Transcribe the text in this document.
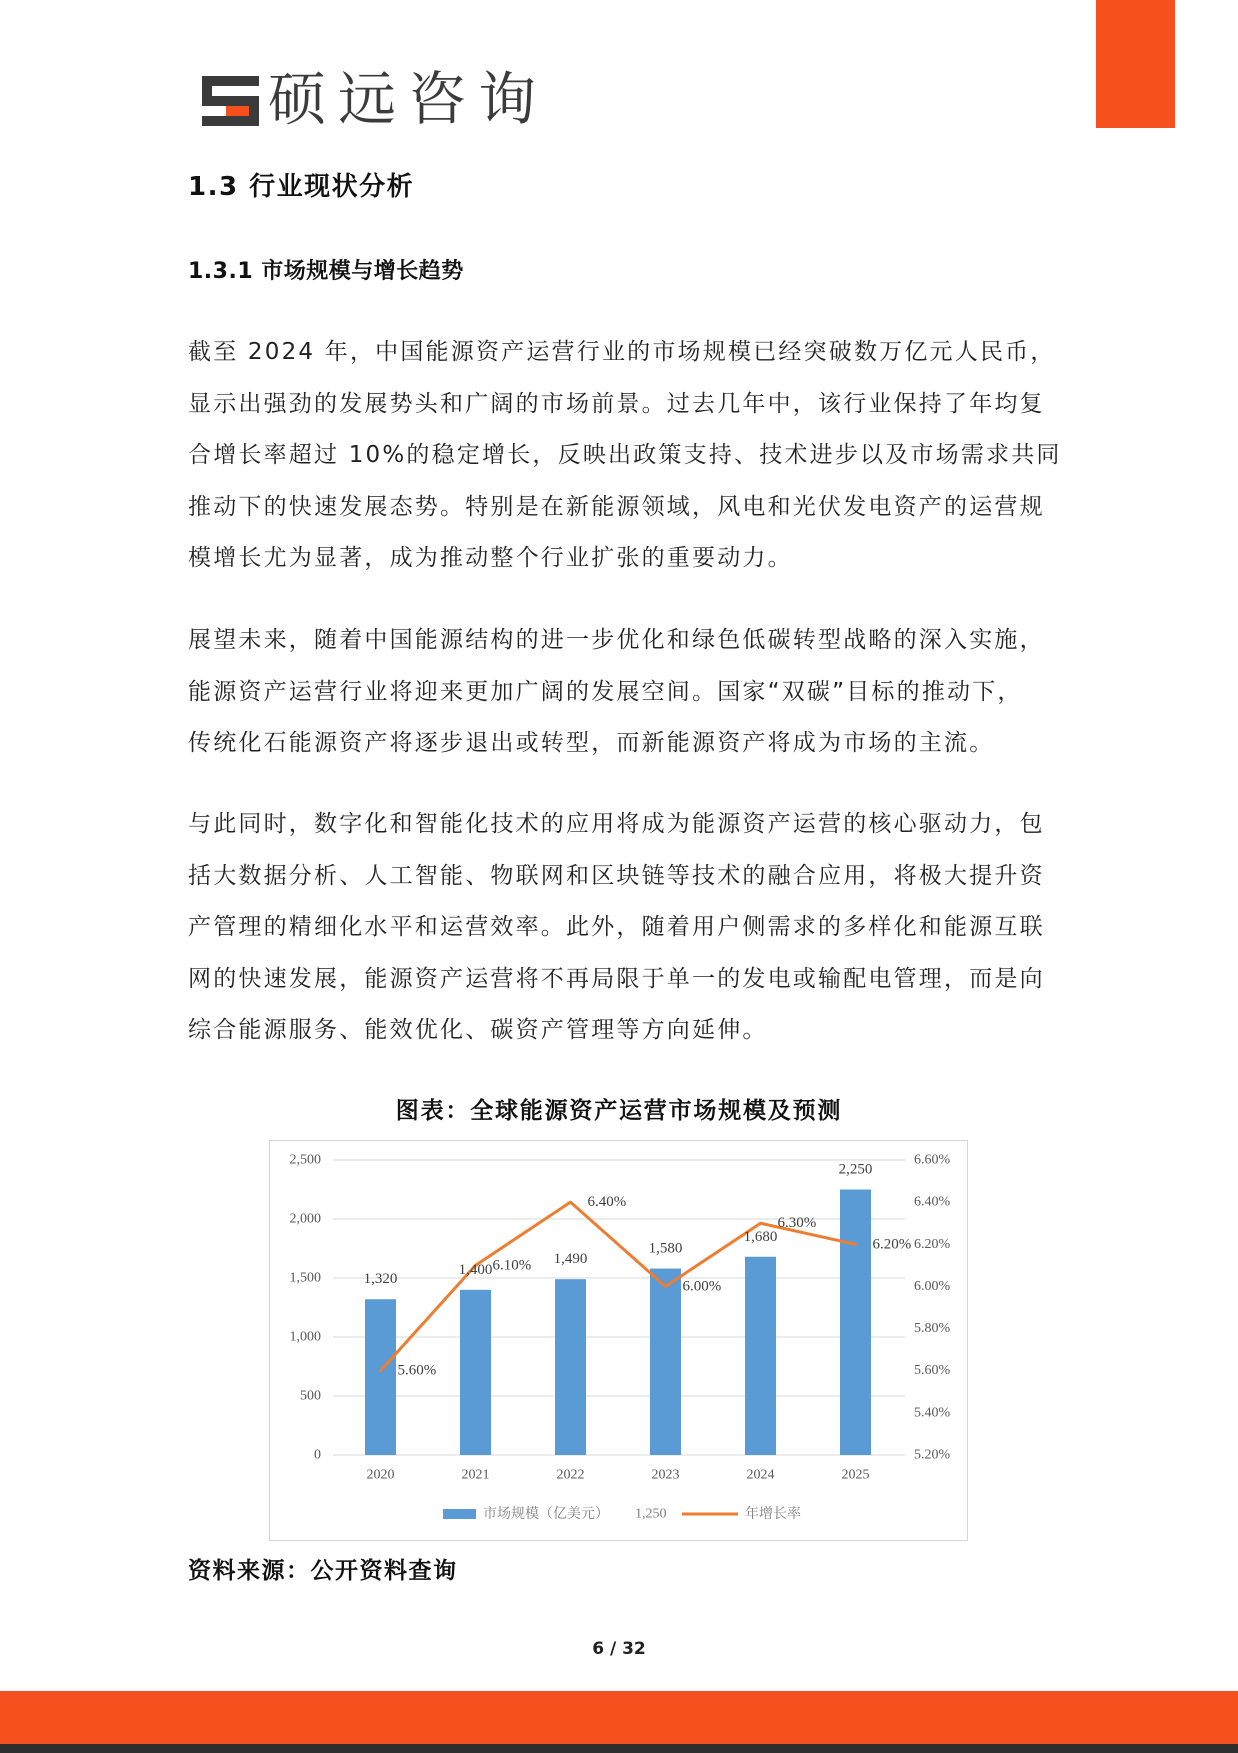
硕远咨询
1.3 行业现状分析
1.3.1 市场规模与增长趋势
截至 2024 年，中国能源资产运营行业的市场规模已经突破数万亿元人民币，
显示出强劲的发展势头和广阔的市场前景。过去几年中，该行业保持了年均复
合增长率超过 10%的稳定增长，反映出政策支持、技术进步以及市场需求共同
推动下的快速发展态势。特别是在新能源领域，风电和光伏发电资产的运营规
模增长尤为显著，成为推动整个行业扩张的重要动力。
展望未来，随着中国能源结构的进一步优化和绿色低碳转型战略的深入实施，
能源资产运营行业将迎来更加广阔的发展空间。国家“双碳”目标的推动下，
传统化石能源资产将逐步退出或转型，而新能源资产将成为市场的主流。
与此同时，数字化和智能化技术的应用将成为能源资产运营的核心驱动力，包
括大数据分析、人工智能、物联网和区块链等技术的融合应用，将极大提升资
产管理的精细化水平和运营效率。此外，随着用户侧需求的多样化和能源互联
网的快速发展，能源资产运营将不再局限于单一的发电或输配电管理，而是向
综合能源服务、能效优化、碳资产管理等方向延伸。
图表：全球能源资产运营市场规模及预测
0
500
1,000
1,500
2,000
2,500
5.20%
5.40%
5.60%
5.80%
6.00%
6.20%
6.40%
6.60%
1,320
5.60%
2020
1,400 6.10%
2021
1,490
6.40%
2022
1,580
6.00%
2023
1,680
6.30%
2024
2,250
6.20%
2025
市场规模（亿美元） 1,250	年增长率
资料来源：公开资料查询
6 / 32
